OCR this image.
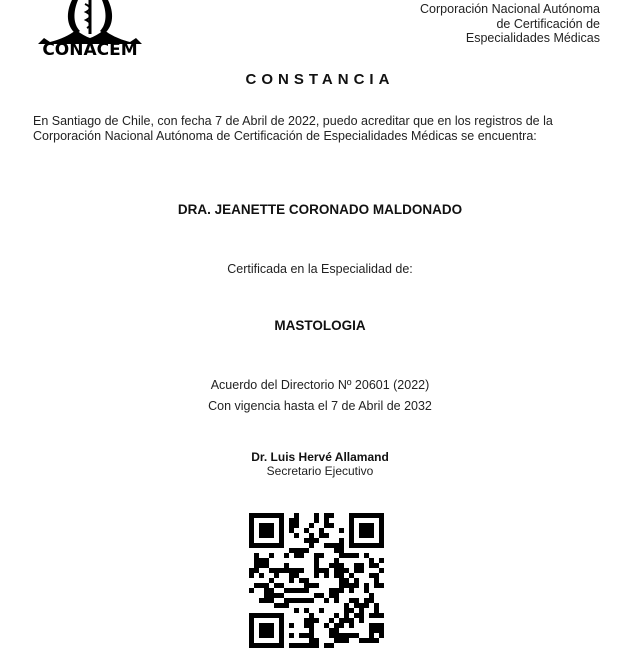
CONACEM
Corporación Nacional Autónoma
de Certificación de
Especialidades Médicas
CONSTANCIA
En Santiago de Chile, con fecha 7 de Abril de 2022, puedo acreditar que en los registros de la
Corporación Nacional Autónoma de Certificación de Especialidades Médicas se encuentra:
DRA. JEANETTE CORONADO MALDONADO
Certificada en la Especialidad de:
MASTOLOGIA
Acuerdo del Directorio Nº 20601 (2022)
Con vigencia hasta el 7 de Abril de 2032
Dr. Luis Hervé Allamand
Secretario Ejecutivo
